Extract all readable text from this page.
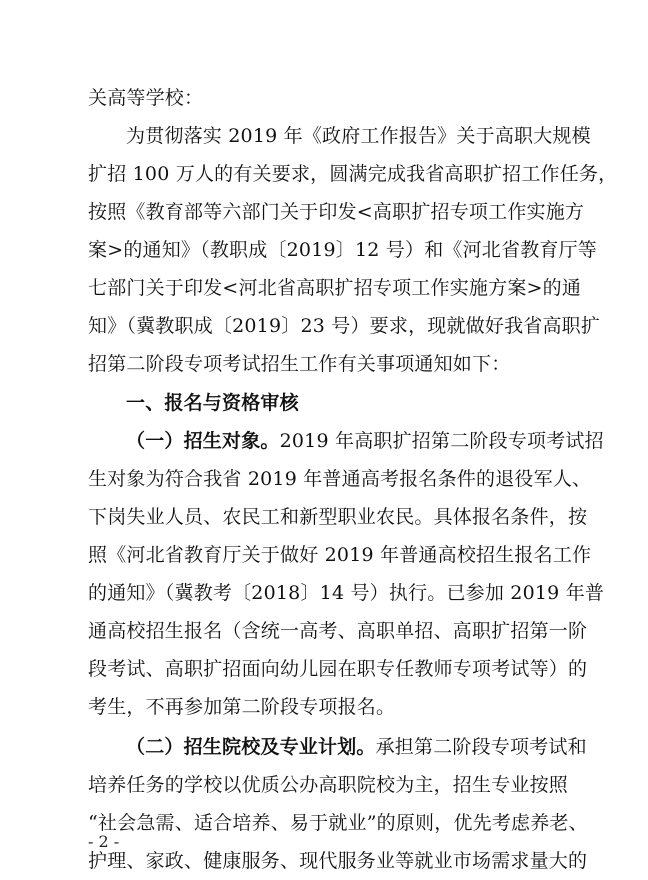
关高等学校：
为贯彻落实 2019 年《政府工作报告》关于高职大规模
扩招 100 万人的有关要求，圆满完成我省高职扩招工作任务，
按照《教育部等六部门关于印发<高职扩招专项工作实施方
案>的通知》（教职成〔2019〕12 号）和《河北省教育厅等
七部门关于印发<河北省高职扩招专项工作实施方案>的通
知》（冀教职成〔2019〕23 号）要求，现就做好我省高职扩
招第二阶段专项考试招生工作有关事项通知如下：
一、报名与资格审核
（一）招生对象。2019 年高职扩招第二阶段专项考试招
生对象为符合我省 2019 年普通高考报名条件的退役军人、
下岗失业人员、农民工和新型职业农民。具体报名条件，按
照《河北省教育厅关于做好 2019 年普通高校招生报名工作
的通知》（冀教考〔2018〕14 号）执行。已参加 2019 年普
通高校招生报名（含统一高考、高职单招、高职扩招第一阶
段考试、高职扩招面向幼儿园在职专任教师专项考试等）的
考生，不再参加第二阶段专项报名。
（二）招生院校及专业计划。承担第二阶段专项考试和
培养任务的学校以优质公办高职院校为主，招生专业按照
“社会急需、适合培养、易于就业”的原则，优先考虑养老、
护理、家政、健康服务、现代服务业等就业市场需求量大的
- 2 -
